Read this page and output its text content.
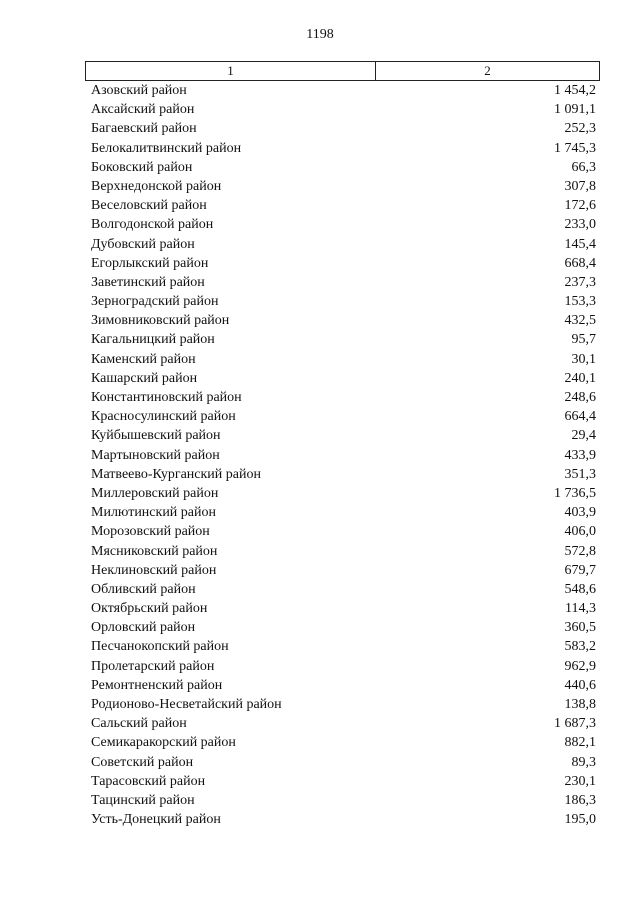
1198
1	2
Азовский район	1 454,2
Аксайский район	1 091,1
Багаевский район	252,3
Белокалитвинский район	1 745,3
Боковский район	66,3
Верхнедонской район	307,8
Веселовский район	172,6
Волгодонской район	233,0
Дубовский район	145,4
Егорлыкский район	668,4
Заветинский район	237,3
Зерноградский район	153,3
Зимовниковский район	432,5
Кагальницкий район	95,7
Каменский район	30,1
Кашарский район	240,1
Константиновский район	248,6
Красносулинский район	664,4
Куйбышевский район	29,4
Мартыновский район	433,9
Матвеево-Курганский район	351,3
Миллеровский район	1 736,5
Милютинский район	403,9
Морозовский район	406,0
Мясниковский район	572,8
Неклиновский район	679,7
Обливский район	548,6
Октябрьский район	114,3
Орловский район	360,5
Песчанокопский район	583,2
Пролетарский район	962,9
Ремонтненский район	440,6
Родионово-Несветайский район	138,8
Сальский район	1 687,3
Семикаракорский район	882,1
Советский район	89,3
Тарасовский район	230,1
Тацинский район	186,3
Усть-Донецкий район	195,0
